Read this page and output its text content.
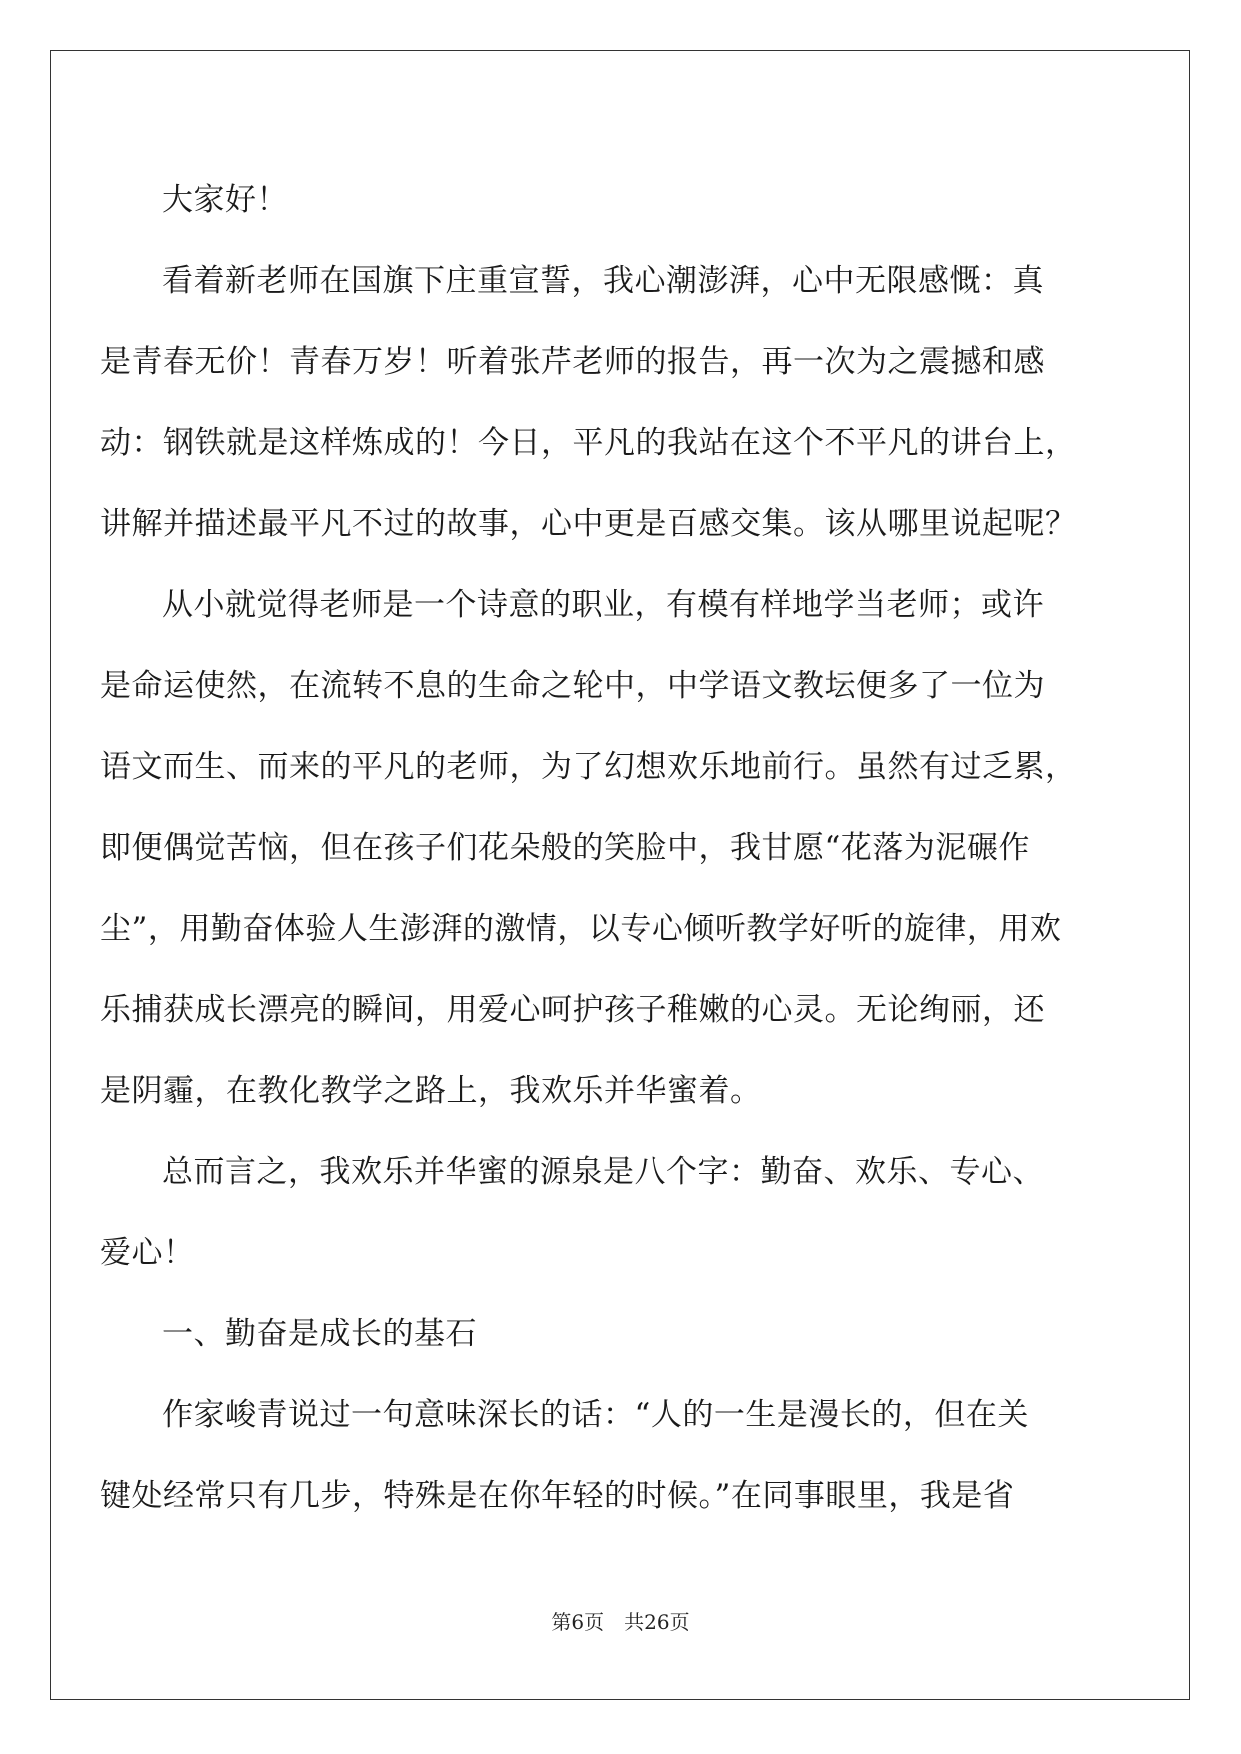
大家好！

看着新老师在国旗下庄重宣誓，我心潮澎湃，心中无限感慨：真
是青春无价！青春万岁！听着张芹老师的报告，再一次为之震撼和感
动：钢铁就是这样炼成的！今日，平凡的我站在这个不平凡的讲台上，
讲解并描述最平凡不过的故事，心中更是百感交集。该从哪里说起呢？

从小就觉得老师是一个诗意的职业，有模有样地学当老师；或许
是命运使然，在流转不息的生命之轮中，中学语文教坛便多了一位为
语文而生、而来的平凡的老师，为了幻想欢乐地前行。虽然有过乏累，
即便偶觉苦恼，但在孩子们花朵般的笑脸中，我甘愿“花落为泥碾作
尘”，用勤奋体验人生澎湃的激情，以专心倾听教学好听的旋律，用欢
乐捕获成长漂亮的瞬间，用爱心呵护孩子稚嫩的心灵。无论绚丽，还
是阴霾，在教化教学之路上，我欢乐并华蜜着。

总而言之，我欢乐并华蜜的源泉是八个字：勤奋、欢乐、专心、
爱心！

一、勤奋是成长的基石

作家峻青说过一句意味深长的话：“人的一生是漫长的，但在关
键处经常只有几步，特殊是在你年轻的时候。”在同事眼里，我是省

第6页 共26页
